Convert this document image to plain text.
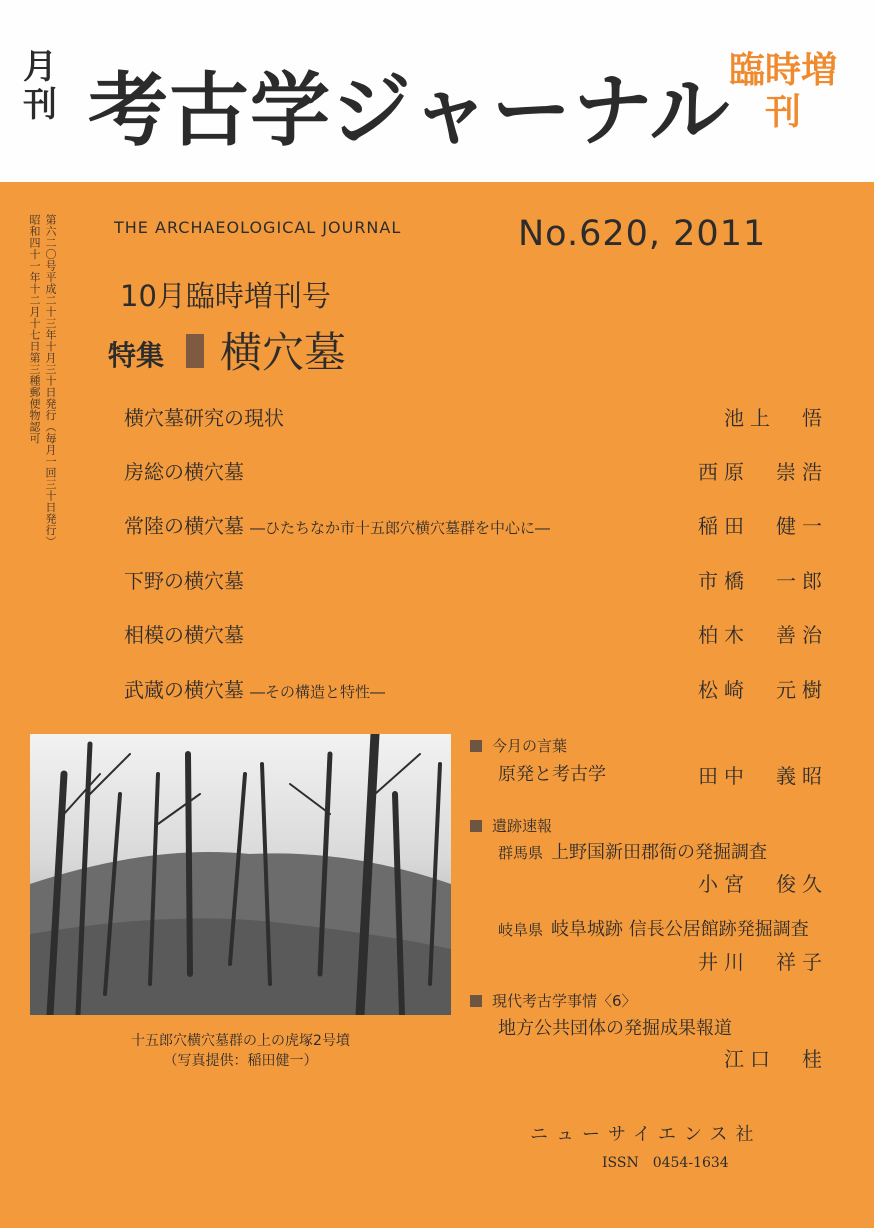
月刊 考古学ジャーナル
臨時増刊
第六二〇号平成二十三年十月三十日発行（毎月一回三十日発行）
昭和四十一年十二月十七日第三種郵便物認可	THE ARCHAEOLOGICAL JOURNAL	No.620, 2011
10月臨時増刊号
特集 横穴墓
横穴墓研究の現状	池上　悟
房総の横穴墓	西原　崇浩
常陸の横穴墓 ―ひたちなか市十五郎穴横穴墓群を中心に―	稲田　健一
下野の横穴墓	市橋　一郎
相模の横穴墓	柏木　善治
武蔵の横穴墓 ―その構造と特性―	松崎　元樹
十五郎穴横穴墓群の上の虎塚2号墳
（写真提供：稲田健一）
今月の言葉
原発と考古学	田中　義昭
遺跡速報
群馬県 上野国新田郡衙の発掘調査
小宮　俊久
岐阜県 岐阜城跡 信長公居館跡発掘調査
井川　祥子
現代考古学事情〈6〉
地方公共団体の発掘成果報道
江口　桂
ニューサイエンス社
ISSN　0454-1634
